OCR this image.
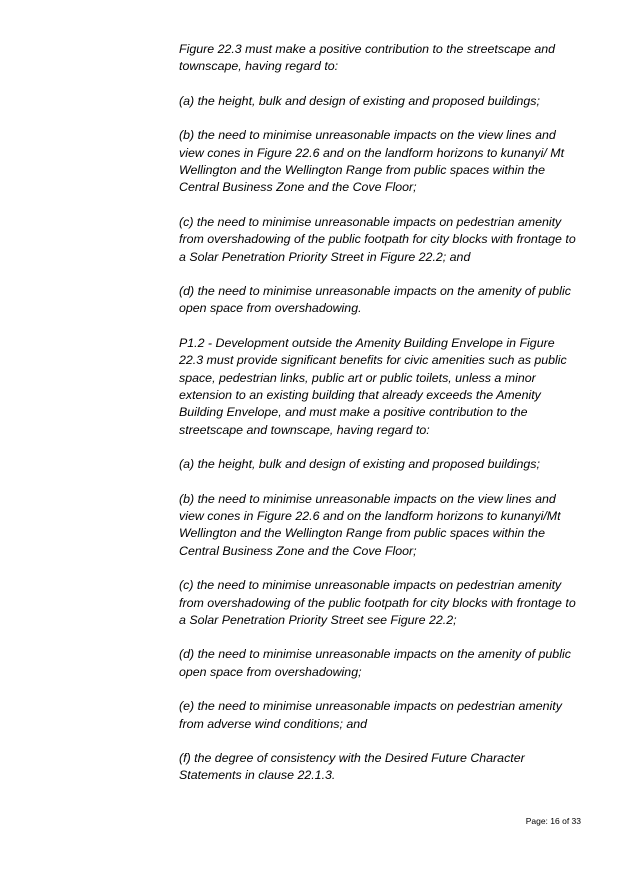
Figure 22.3 must make a positive contribution to the streetscape and
townscape, having regard to:

(a) the height, bulk and design of existing and proposed buildings;

(b) the need to minimise unreasonable impacts on the view lines and
view cones in Figure 22.6 and on the landform horizons to kunanyi/ Mt
Wellington and the Wellington Range from public spaces within the
Central Business Zone and the Cove Floor;

(c) the need to minimise unreasonable impacts on pedestrian amenity
from overshadowing of the public footpath for city blocks with frontage to
a Solar Penetration Priority Street in Figure 22.2; and

(d) the need to minimise unreasonable impacts on the amenity of public
open space from overshadowing.

P1.2 - Development outside the Amenity Building Envelope in Figure
22.3 must provide significant benefits for civic amenities such as public
space, pedestrian links, public art or public toilets, unless a minor
extension to an existing building that already exceeds the Amenity
Building Envelope, and must make a positive contribution to the
streetscape and townscape, having regard to:

(a) the height, bulk and design of existing and proposed buildings;

(b) the need to minimise unreasonable impacts on the view lines and
view cones in Figure 22.6 and on the landform horizons to kunanyi/Mt
Wellington and the Wellington Range from public spaces within the
Central Business Zone and the Cove Floor;

(c) the need to minimise unreasonable impacts on pedestrian amenity
from overshadowing of the public footpath for city blocks with frontage to
a Solar Penetration Priority Street see Figure 22.2;

(d) the need to minimise unreasonable impacts on the amenity of public
open space from overshadowing;

(e) the need to minimise unreasonable impacts on pedestrian amenity
from adverse wind conditions; and

(f) the degree of consistency with the Desired Future Character
Statements in clause 22.1.3.

Page: 16 of 33
